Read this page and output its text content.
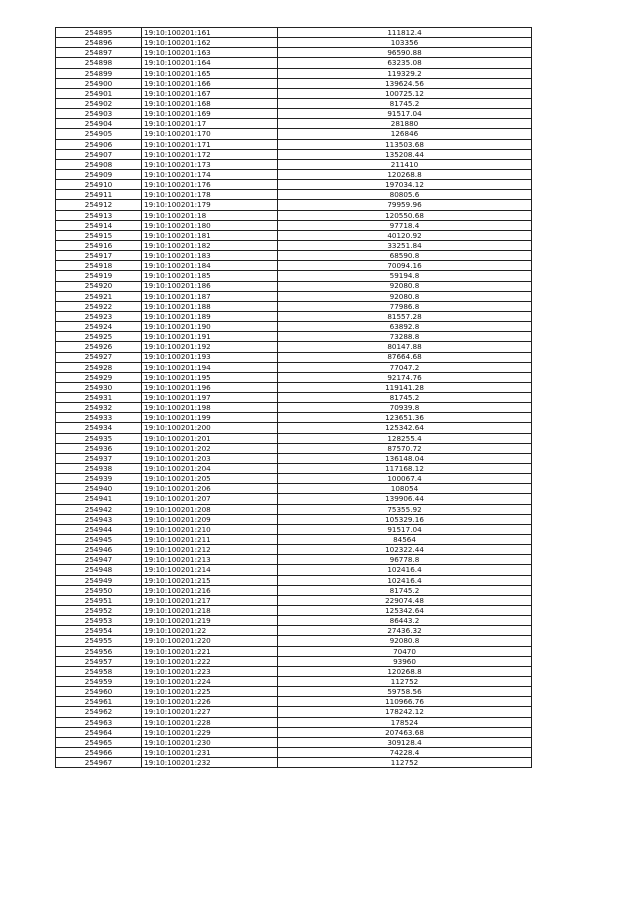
254895	19:10:100201:161	111812.4
254896	19:10:100201:162	103356
254897	19:10:100201:163	96590.88
254898	19:10:100201:164	63235.08
254899	19:10:100201:165	119329.2
254900	19:10:100201:166	139624.56
254901	19:10:100201:167	100725.12
254902	19:10:100201:168	81745.2
254903	19:10:100201:169	91517.04
254904	19:10:100201:17	281880
254905	19:10:100201:170	126846
254906	19:10:100201:171	113503.68
254907	19:10:100201:172	135208.44
254908	19:10:100201:173	211410
254909	19:10:100201:174	120268.8
254910	19:10:100201:176	197034.12
254911	19:10:100201:178	80805.6
254912	19:10:100201:179	79959.96
254913	19:10:100201:18	120550.68
254914	19:10:100201:180	97718.4
254915	19:10:100201:181	40120.92
254916	19:10:100201:182	33251.84
254917	19:10:100201:183	68590.8
254918	19:10:100201:184	70094.16
254919	19:10:100201:185	59194.8
254920	19:10:100201:186	92080.8
254921	19:10:100201:187	92080.8
254922	19:10:100201:188	77986.8
254923	19:10:100201:189	81557.28
254924	19:10:100201:190	63892.8
254925	19:10:100201:191	73288.8
254926	19:10:100201:192	80147.88
254927	19:10:100201:193	87664.68
254928	19:10:100201:194	77047.2
254929	19:10:100201:195	92174.76
254930	19:10:100201:196	119141.28
254931	19:10:100201:197	81745.2
254932	19:10:100201:198	70939.8
254933	19:10:100201:199	123651.36
254934	19:10:100201:200	125342.64
254935	19:10:100201:201	128255.4
254936	19:10:100201:202	87570.72
254937	19:10:100201:203	136148.04
254938	19:10:100201:204	117168.12
254939	19:10:100201:205	100067.4
254940	19:10:100201:206	108054
254941	19:10:100201:207	139906.44
254942	19:10:100201:208	75355.92
254943	19:10:100201:209	105329.16
254944	19:10:100201:210	91517.04
254945	19:10:100201:211	84564
254946	19:10:100201:212	102322.44
254947	19:10:100201:213	96778.8
254948	19:10:100201:214	102416.4
254949	19:10:100201:215	102416.4
254950	19:10:100201:216	81745.2
254951	19:10:100201:217	229074.48
254952	19:10:100201:218	125342.64
254953	19:10:100201:219	86443.2
254954	19:10:100201:22	27436.32
254955	19:10:100201:220	92080.8
254956	19:10:100201:221	70470
254957	19:10:100201:222	93960
254958	19:10:100201:223	120268.8
254959	19:10:100201:224	112752
254960	19:10:100201:225	59758.56
254961	19:10:100201:226	110966.76
254962	19:10:100201:227	178242.12
254963	19:10:100201:228	178524
254964	19:10:100201:229	207463.68
254965	19:10:100201:230	309128.4
254966	19:10:100201:231	74228.4
254967	19:10:100201:232	112752
